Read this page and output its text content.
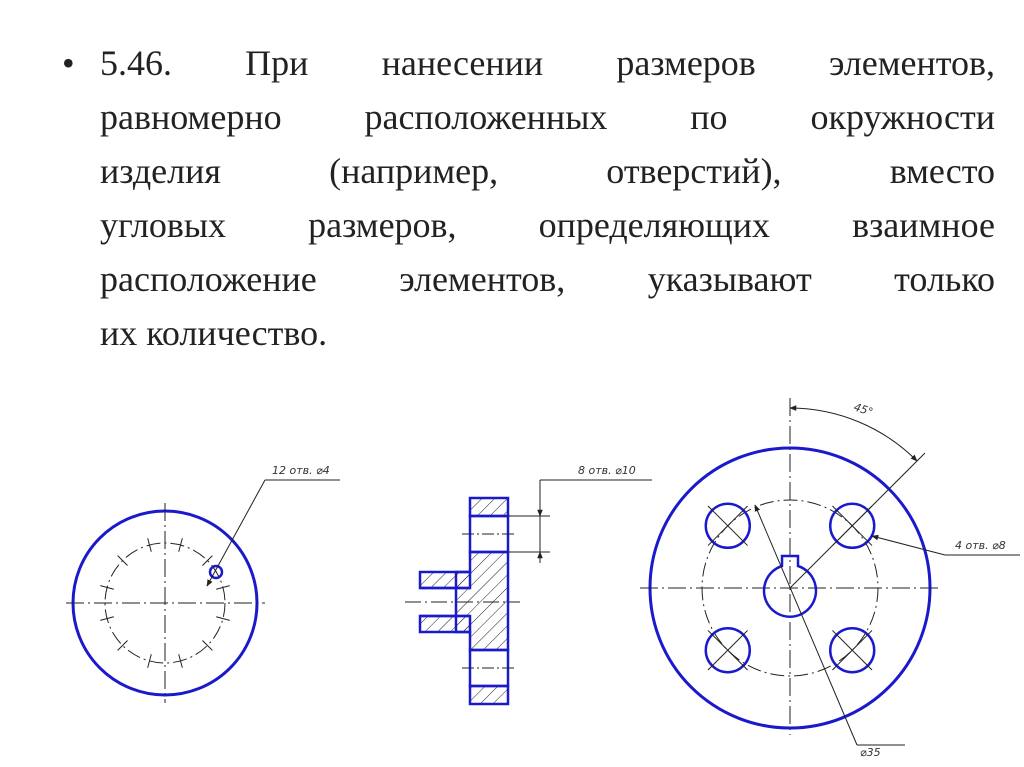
• 5.46. При нанесении размеров элементов,
равномерно расположенных по окружности
изделия (например, отверстий), вместо
угловых размеров, определяющих взаимное
расположение элементов, указывают только
их количество.
12 отв. ⌀4	8 отв. ⌀10
45°
4 отв. ⌀8
⌀35
